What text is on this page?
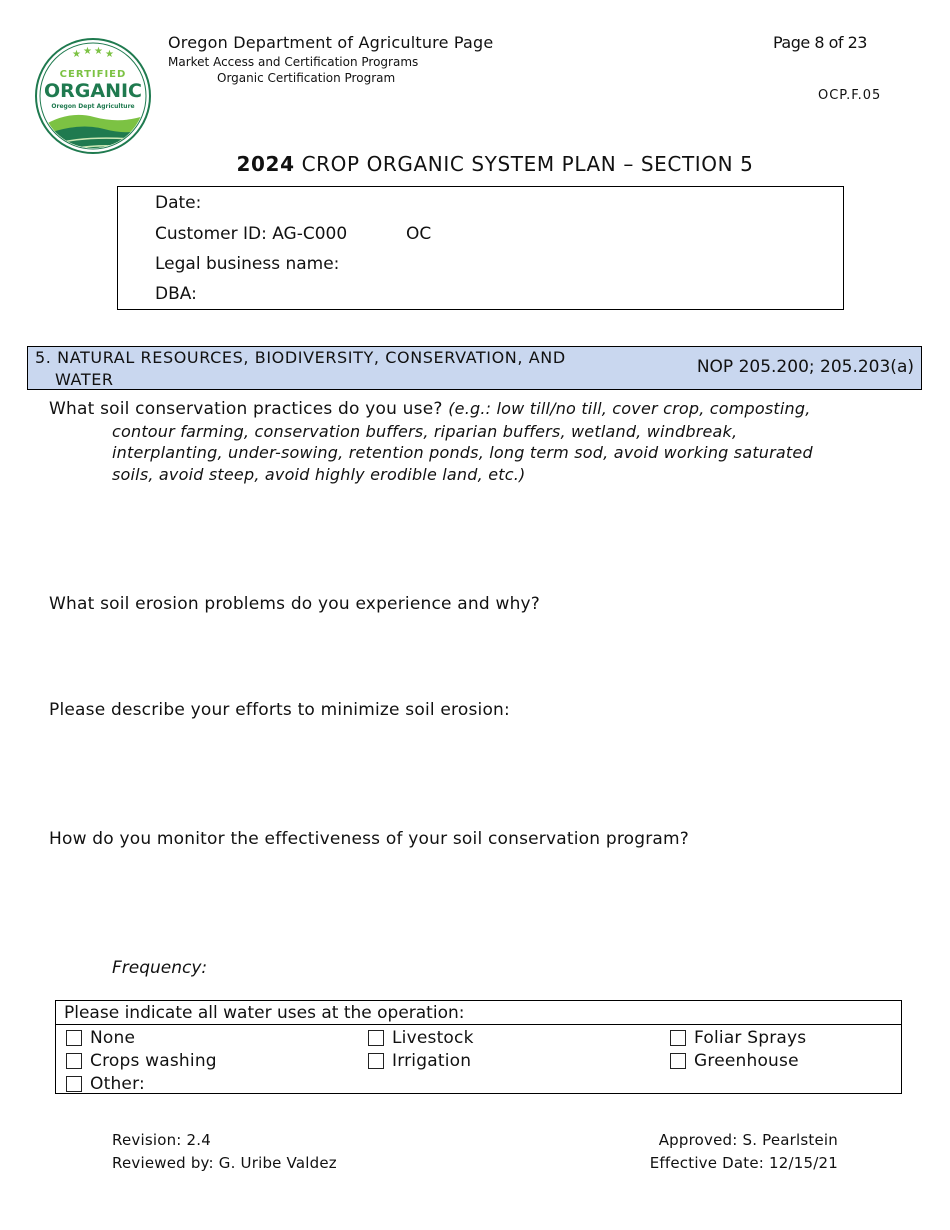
★ ★ ★ ★
CERTIFIED
ORGANIC
Oregon Dept Agriculture
Oregon Department of Agriculture Page
Market Access and Certification Programs
Organic Certification Program
Page 8 of 23
OCP.F.05
2024 CROP ORGANIC SYSTEM PLAN – SECTION 5
Date:
Customer ID: AG-C000	OC
Legal business name:
DBA:
5. NATURAL RESOURCES, BIODIVERSITY, CONSERVATION, AND
WATER
NOP 205.200; 205.203(a)
What soil conservation practices do you use? (e.g.: low till/no till, cover crop, composting,
contour farming, conservation buffers, riparian buffers, wetland, windbreak,
interplanting, under-sowing, retention ponds, long term sod, avoid working saturated
soils, avoid steep, avoid highly erodible land, etc.)
What soil erosion problems do you experience and why?
Please describe your efforts to minimize soil erosion:
How do you monitor the effectiveness of your soil conservation program?
Frequency:
Please indicate all water uses at the operation:
None	Livestock	Foliar Sprays
Crops washing	Irrigation	Greenhouse
Other:
Revision: 2.4
Reviewed by: G. Uribe Valdez
Approved: S. Pearlstein
Effective Date: 12/15/21
